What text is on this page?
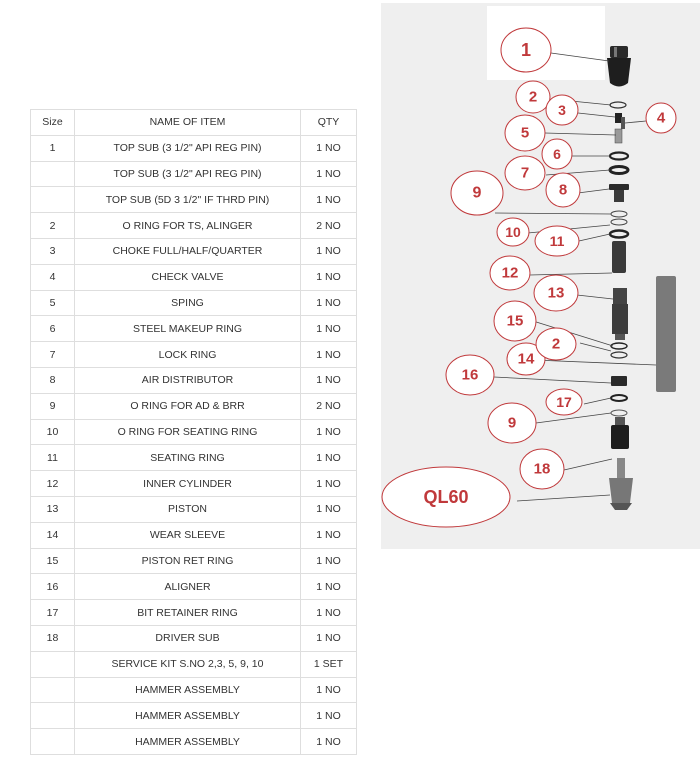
Size	NAME OF ITEM	QTY
1	TOP SUB (3 1/2" API REG PIN)	1 NO
	TOP SUB (3 1/2" API REG PIN)	1 NO
	TOP SUB (5D 3 1/2" IF THRD PIN)	1 NO
2	O RING FOR TS, ALINGER	2 NO
3	CHOKE FULL/HALF/QUARTER	1 NO
4	CHECK VALVE	1 NO
5	SPING	1 NO
6	STEEL MAKEUP RING	1 NO
7	LOCK RING	1 NO
8	AIR DISTRIBUTOR	1 NO
9	O RING FOR AD & BRR	2 NO
10	O RING FOR SEATING RING	1 NO
11	SEATING RING	1 NO
12	INNER CYLINDER	1 NO
13	PISTON	1 NO
14	WEAR SLEEVE	1 NO
15	PISTON RET RING	1 NO
16	ALIGNER	1 NO
17	BIT RETAINER RING	1 NO
18	DRIVER SUB	1 NO
	SERVICE KIT S.NO 2,3, 5, 9, 10	1 SET
	HAMMER ASSEMBLY	1 NO
	HAMMER ASSEMBLY	1 NO
	HAMMER ASSEMBLY	1 NO
1
2
3	4
5
6
7
8
9
10
11
12
13
14
15
2
16
17
9
18
QL60
